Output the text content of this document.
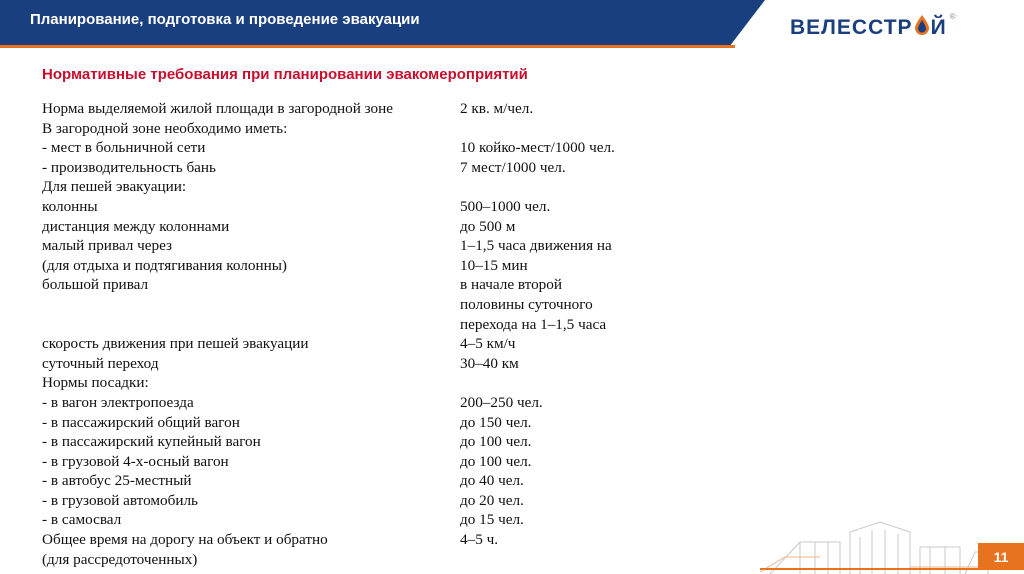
Планирование, подготовка и проведение эвакуации	ВЕЛЕССТР Й ®
Нормативные требования при планировании эвакомероприятий
Норма выделяемой жилой площади в загородной зоне	2 кв. м/чел.
В загородной зоне необходимо иметь:
- мест в больничной сети	10 койко-мест/1000 чел.
- производительность бань	7 мест/1000 чел.
Для пешей эвакуации:
колонны	500–1000 чел.
дистанция между колоннами	до 500 м
малый привал через	1–1,5 часа движения на
(для отдыха и подтягивания колонны)	10–15 мин
большой привал	в начале второй
половины суточного
перехода на 1–1,5 часа
скорость движения при пешей эвакуации	4–5 км/ч
суточный переход	30–40 км
Нормы посадки:
- в вагон электропоезда	200–250 чел.
- в пассажирский общий вагон	до 150 чел.
- в пассажирский купейный вагон	до 100 чел.
- в грузовой 4-х-осный вагон	до 100 чел.
- в автобус 25-местный	до 40 чел.
- в грузовой автомобиль	до 20 чел.
- в самосвал	до 15 чел.
Общее время на дорогу на объект и обратно	4–5 ч.
(для рассредоточенных)	11
